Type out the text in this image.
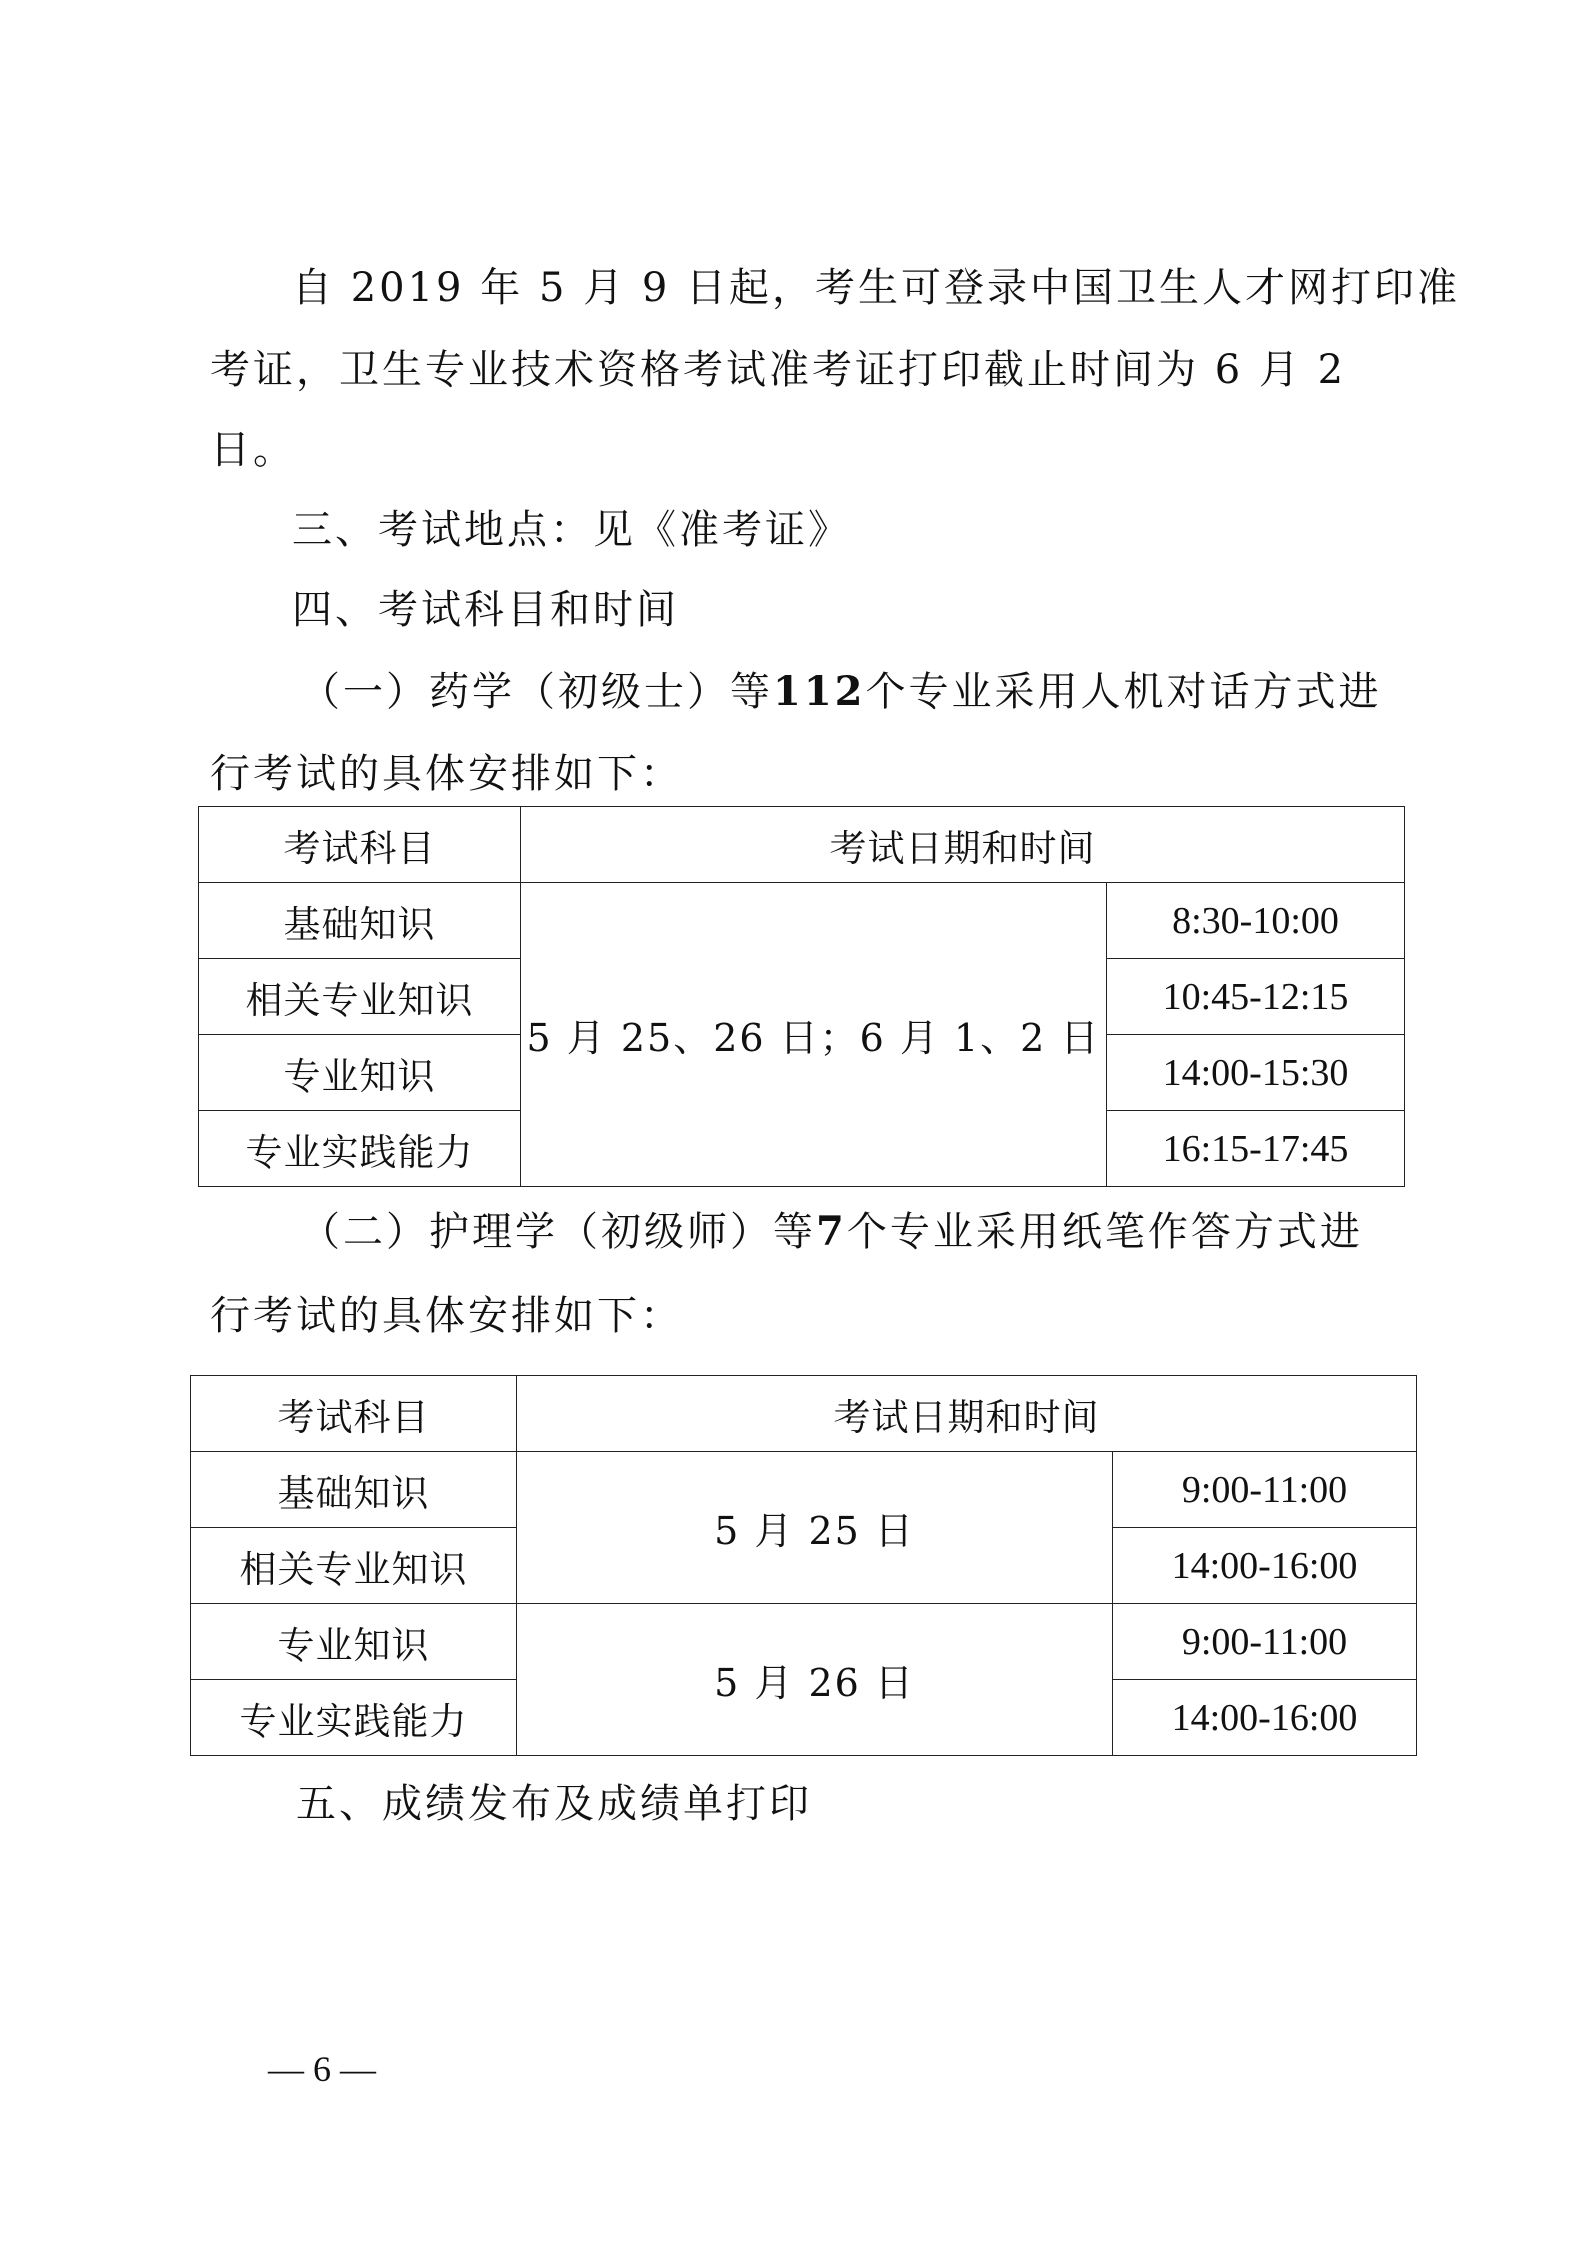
自 2019 年 5 月 9 日起，考生可登录中国卫生人才网打印准
考证，卫生专业技术资格考试准考证打印截止时间为 6 月 2
日。
三、考试地点：见《准考证》
四、考试科目和时间
（一）药学（初级士）等112个专业采用人机对话方式进
行考试的具体安排如下：
考试科目	考试日期和时间	
基础知识	5 月 25、26 日；6 月 1、2 日	8:30-10:00
相关专业知识		10:45-12:15
专业知识		14:00-15:30
专业实践能力		16:15-17:45
（二）护理学（初级师）等7个专业采用纸笔作答方式进
行考试的具体安排如下：
考试科目	考试日期和时间	
基础知识	5 月 25 日	9:00-11:00
相关专业知识		14:00-16:00
专业知识	5 月 26 日	9:00-11:00
专业实践能力		14:00-16:00
五、成绩发布及成绩单打印
— 6 —
